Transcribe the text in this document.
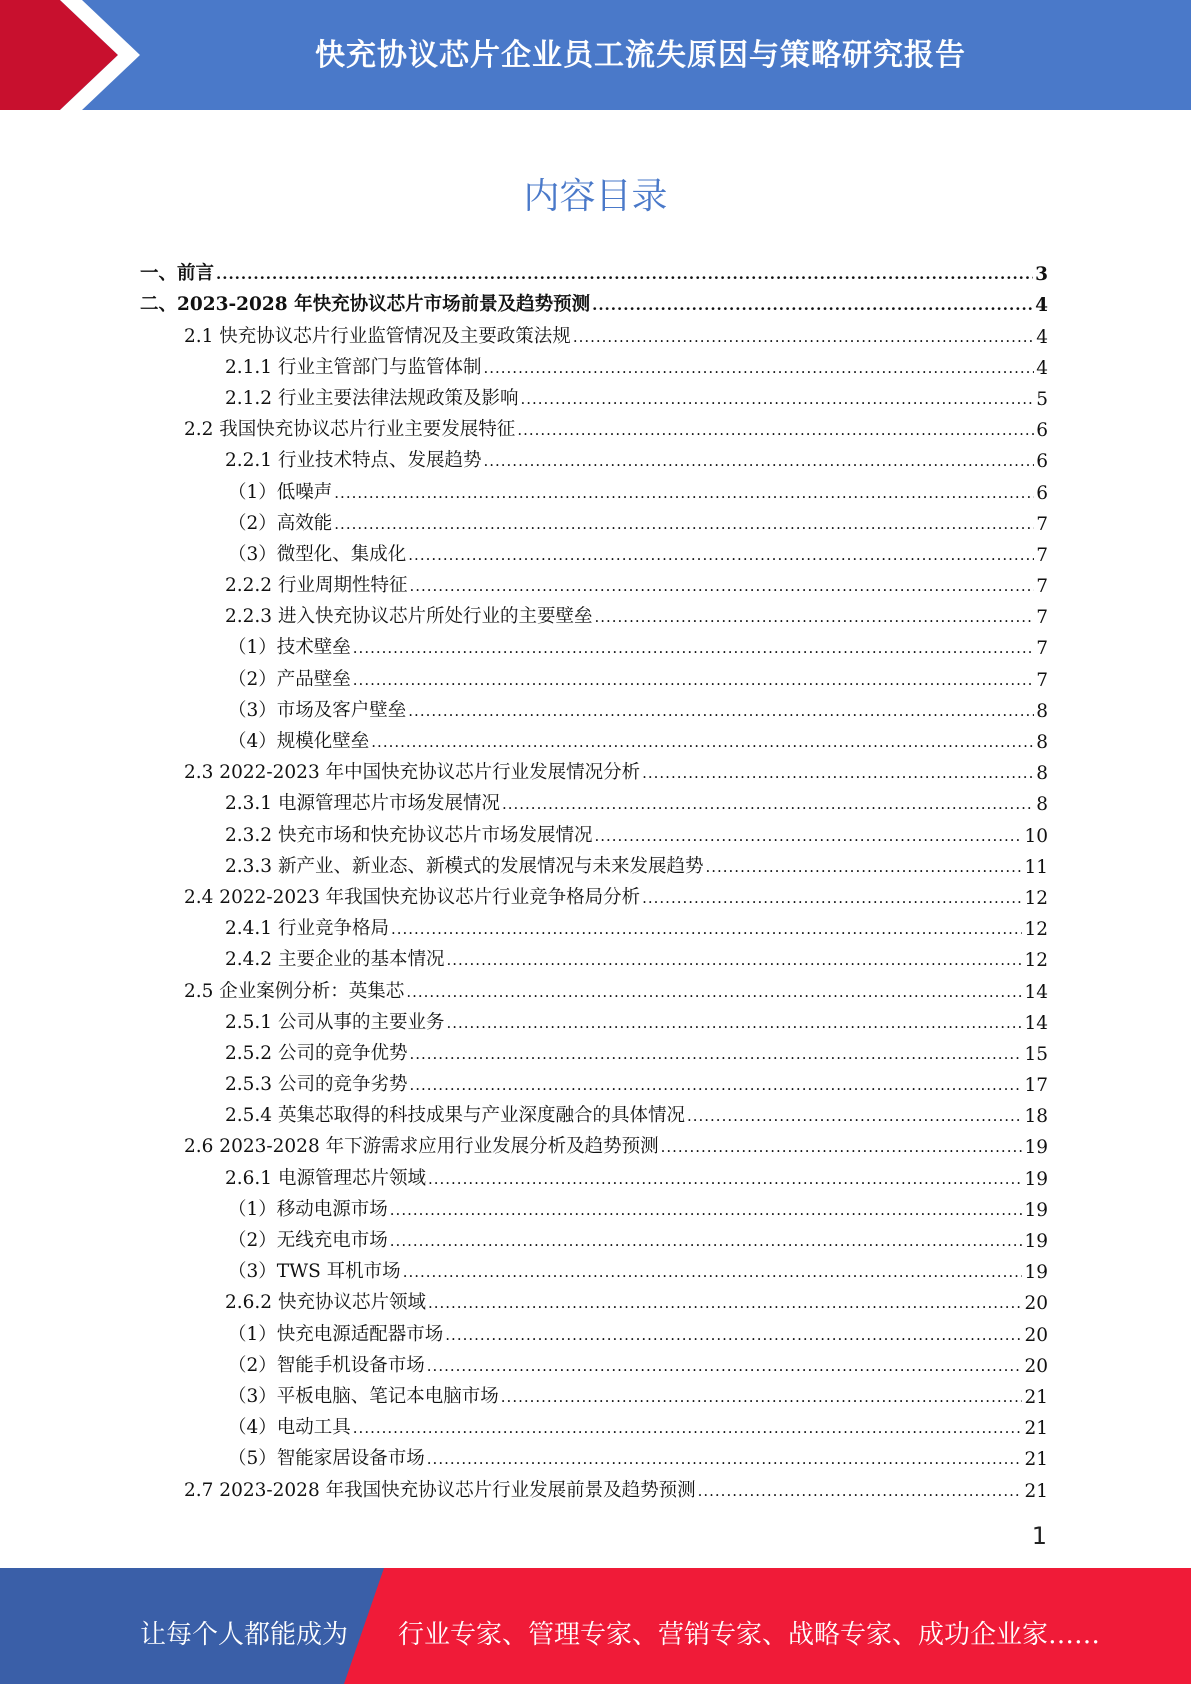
快充协议芯片企业员工流失原因与策略研究报告
内容目录
一、前言 .....	3
二、2023-2028 年快充协议芯片市场前景及趋势预测 .....	4
2.1 快充协议芯片行业监管情况及主要政策法规 .....	4
2.1.1 行业主管部门与监管体制 .....	4
2.1.2 行业主要法律法规政策及影响 .....	5
2.2 我国快充协议芯片行业主要发展特征 .....	6
2.2.1 行业技术特点、发展趋势 .....	6
（1）低噪声 .....	6
（2）高效能 .....	7
（3）微型化、集成化 .....	7
2.2.2 行业周期性特征 .....	7
2.2.3 进入快充协议芯片所处行业的主要壁垒 .....	7
（1）技术壁垒 .....	7
（2）产品壁垒 .....	7
（3）市场及客户壁垒 .....	8
（4）规模化壁垒 .....	8
2.3 2022-2023 年中国快充协议芯片行业发展情况分析 .....	8
2.3.1 电源管理芯片市场发展情况 .....	8
2.3.2 快充市场和快充协议芯片市场发展情况 .....	10
2.3.3 新产业、新业态、新模式的发展情况与未来发展趋势 .....	11
2.4 2022-2023 年我国快充协议芯片行业竞争格局分析 .....	12
2.4.1 行业竞争格局 .....	12
2.4.2 主要企业的基本情况 .....	12
2.5 企业案例分析：英集芯 .....	14
2.5.1 公司从事的主要业务 .....	14
2.5.2 公司的竞争优势 .....	15
2.5.3 公司的竞争劣势 .....	17
2.5.4 英集芯取得的科技成果与产业深度融合的具体情况 .....	18
2.6 2023-2028 年下游需求应用行业发展分析及趋势预测 .....	19
2.6.1 电源管理芯片领域 .....	19
（1）移动电源市场 .....	19
（2）无线充电市场 .....	19
（3）TWS 耳机市场 .....	19
2.6.2 快充协议芯片领域 .....	20
（1）快充电源适配器市场 .....	20
（2）智能手机设备市场 .....	20
（3）平板电脑、笔记本电脑市场 .....	21
（4）电动工具 .....	21
（5）智能家居设备市场 .....	21
2.7 2023-2028 年我国快充协议芯片行业发展前景及趋势预测 .....	21
1
让每个人都能成为 行业专家、管理专家、营销专家、战略专家、成功企业家……
